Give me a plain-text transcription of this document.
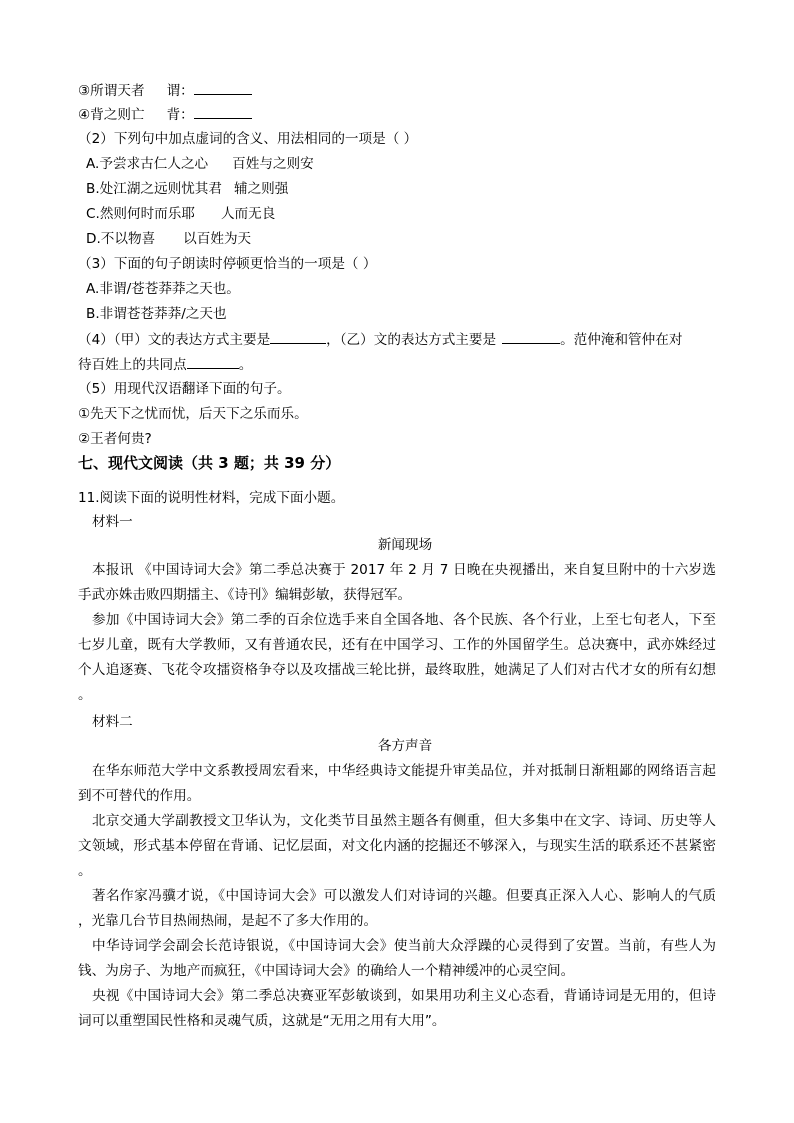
③所谓天者 谓：
④背之则亡 背：
（2）下列句中加点虚词的含义、用法相同的一项是（ ）
A.予尝求古仁人之心 百姓与之则安
B.处江湖之远则忧其君 辅之则强
C.然则何时而乐耶 人而无良
D.不以物喜 以百姓为天
（3）下面的句子朗读时停顿更恰当的一项是（ ）
A.非谓/苍苍莽莽之天也。
B.非谓苍苍莽莽/之天也
（4）（甲）文的表达方式主要是	，（乙）文的表达方式主要是	。范仲淹和管仲在对
待百姓上的共同点	。
（5）用现代汉语翻译下面的句子。
①先天下之忧而忧，后天下之乐而乐。
②王者何贵?
七、现代文阅读（共 3 题；共 39 分）
11.阅读下面的说明性材料，完成下面小题。
材料一
新闻现场
本报讯 《中国诗词大会》第二季总决赛于 2017 年 2 月 7 日晚在央视播出，来自复旦附中的十六岁选
手武亦姝击败四期擂主、《诗刊》编辑彭敏，获得冠军。
参加《中国诗词大会》第二季的百余位选手来自全国各地、各个民族、各个行业，上至七旬老人，下至
七岁儿童，既有大学教师，又有普通农民，还有在中国学习、工作的外国留学生。总决赛中，武亦姝经过
个人追逐赛、飞花令攻擂资格争夺以及攻擂战三轮比拼，最终取胜，她满足了人们对古代才女的所有幻想
。
材料二
各方声音
在华东师范大学中文系教授周宏看来，中华经典诗文能提升审美品位，并对抵制日渐粗鄙的网络语言起
到不可替代的作用。
北京交通大学副教授文卫华认为，文化类节目虽然主题各有侧重，但大多集中在文字、诗词、历史等人
文领域，形式基本停留在背诵、记忆层面，对文化内涵的挖掘还不够深入，与现实生活的联系还不甚紧密
。
著名作家冯骥才说，《中国诗词大会》可以激发人们对诗词的兴趣。但要真正深入人心、影响人的气质
，光靠几台节目热闹热闹，是起不了多大作用的。
中华诗词学会副会长范诗银说，《中国诗词大会》使当前大众浮躁的心灵得到了安置。当前，有些人为
钱、为房子、为地产而疯狂，《中国诗词大会》的确给人一个精神缓冲的心灵空间。
央视《中国诗词大会》第二季总决赛亚军彭敏谈到，如果用功利主义心态看，背诵诗词是无用的，但诗
词可以重塑国民性格和灵魂气质，这就是“无用之用有大用”。
